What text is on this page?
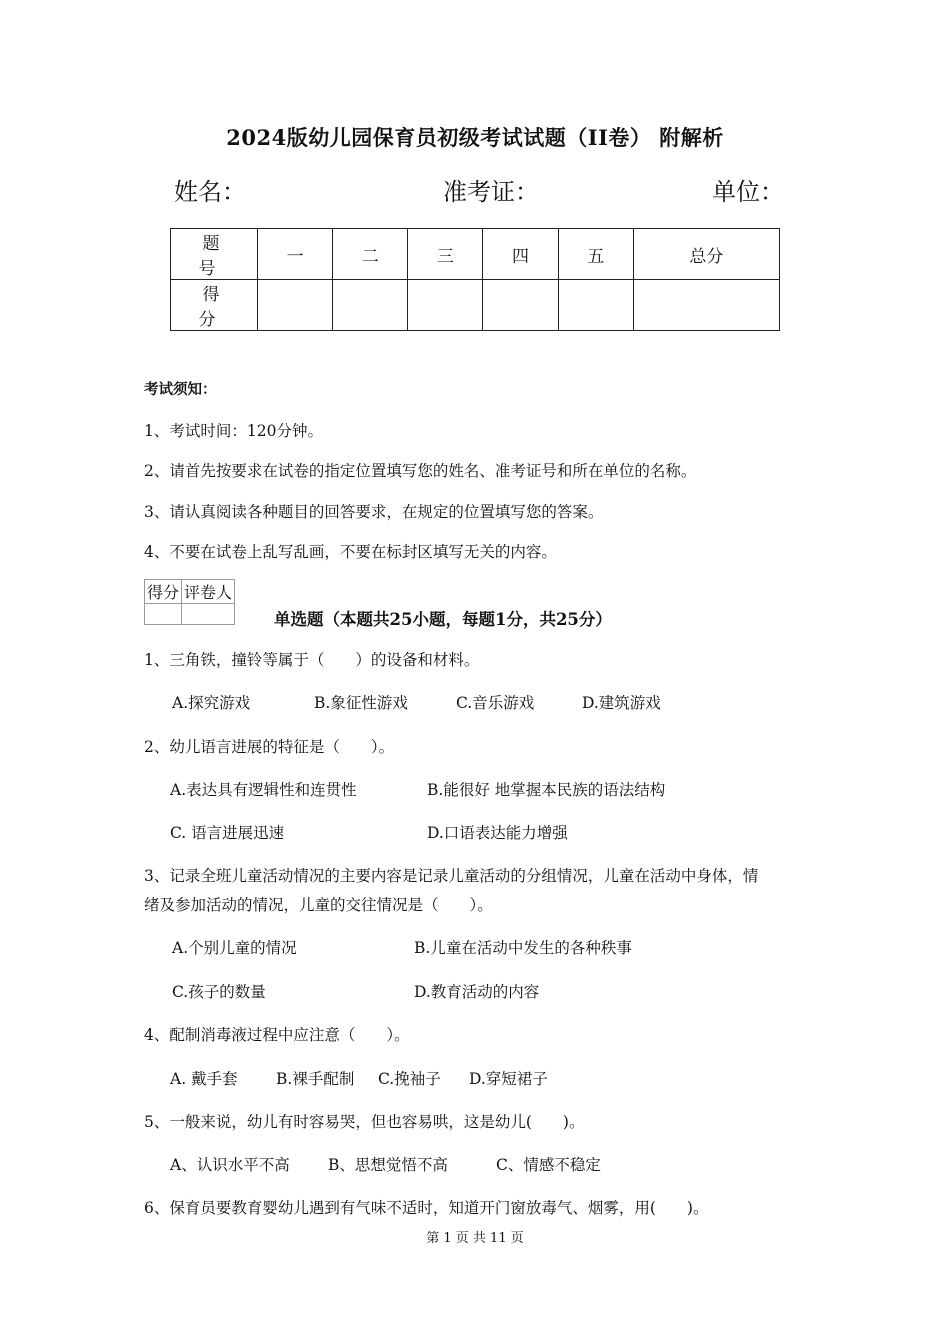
2024版幼儿园保育员初级考试试题（II卷） 附解析
姓名：	准考证：	单位：
题 号	一	二	三	四	五	总分
得 分						
考试须知：
1、考试时间：120分钟。
2、请首先按要求在试卷的指定位置填写您的姓名、准考证号和所在单位的名称。
3、请认真阅读各种题目的回答要求，在规定的位置填写您的答案。
4、不要在试卷上乱写乱画，不要在标封区填写无关的内容。
得分	评卷人

单选题（本题共25小题，每题1分，共25分）
1、三角铁，撞铃等属于（　　）的设备和材料。
A.探究游戏	B.象征性游戏	C.音乐游戏	D.建筑游戏
2、幼儿语言进展的特征是（　　）。
A.表达具有逻辑性和连贯性	B.能很好 地掌握本民族的语法结构
C. 语言进展迅速	D.口语表达能力增强
3、记录全班儿童活动情况的主要内容是记录儿童活动的分组情况，儿童在活动中身体，情
绪及参加活动的情况，儿童的交往情况是（　　）。
A.个别儿童的情况	B.儿童在活动中发生的各种秩事
C.孩子的数量	D.教育活动的内容
4、配制消毒液过程中应注意（　　）。
A. 戴手套 B.裸手配制 C.挽袖子 D.穿短裙子
5、一般来说，幼儿有时容易哭，但也容易哄，这是幼儿(　　)。
A、认识水平不高 B、思想觉悟不高	C、情感不稳定
6、保育员要教育婴幼儿遇到有气味不适时，知道开门窗放毒气、烟雾，用(　　)。
第 1 页 共 11 页
